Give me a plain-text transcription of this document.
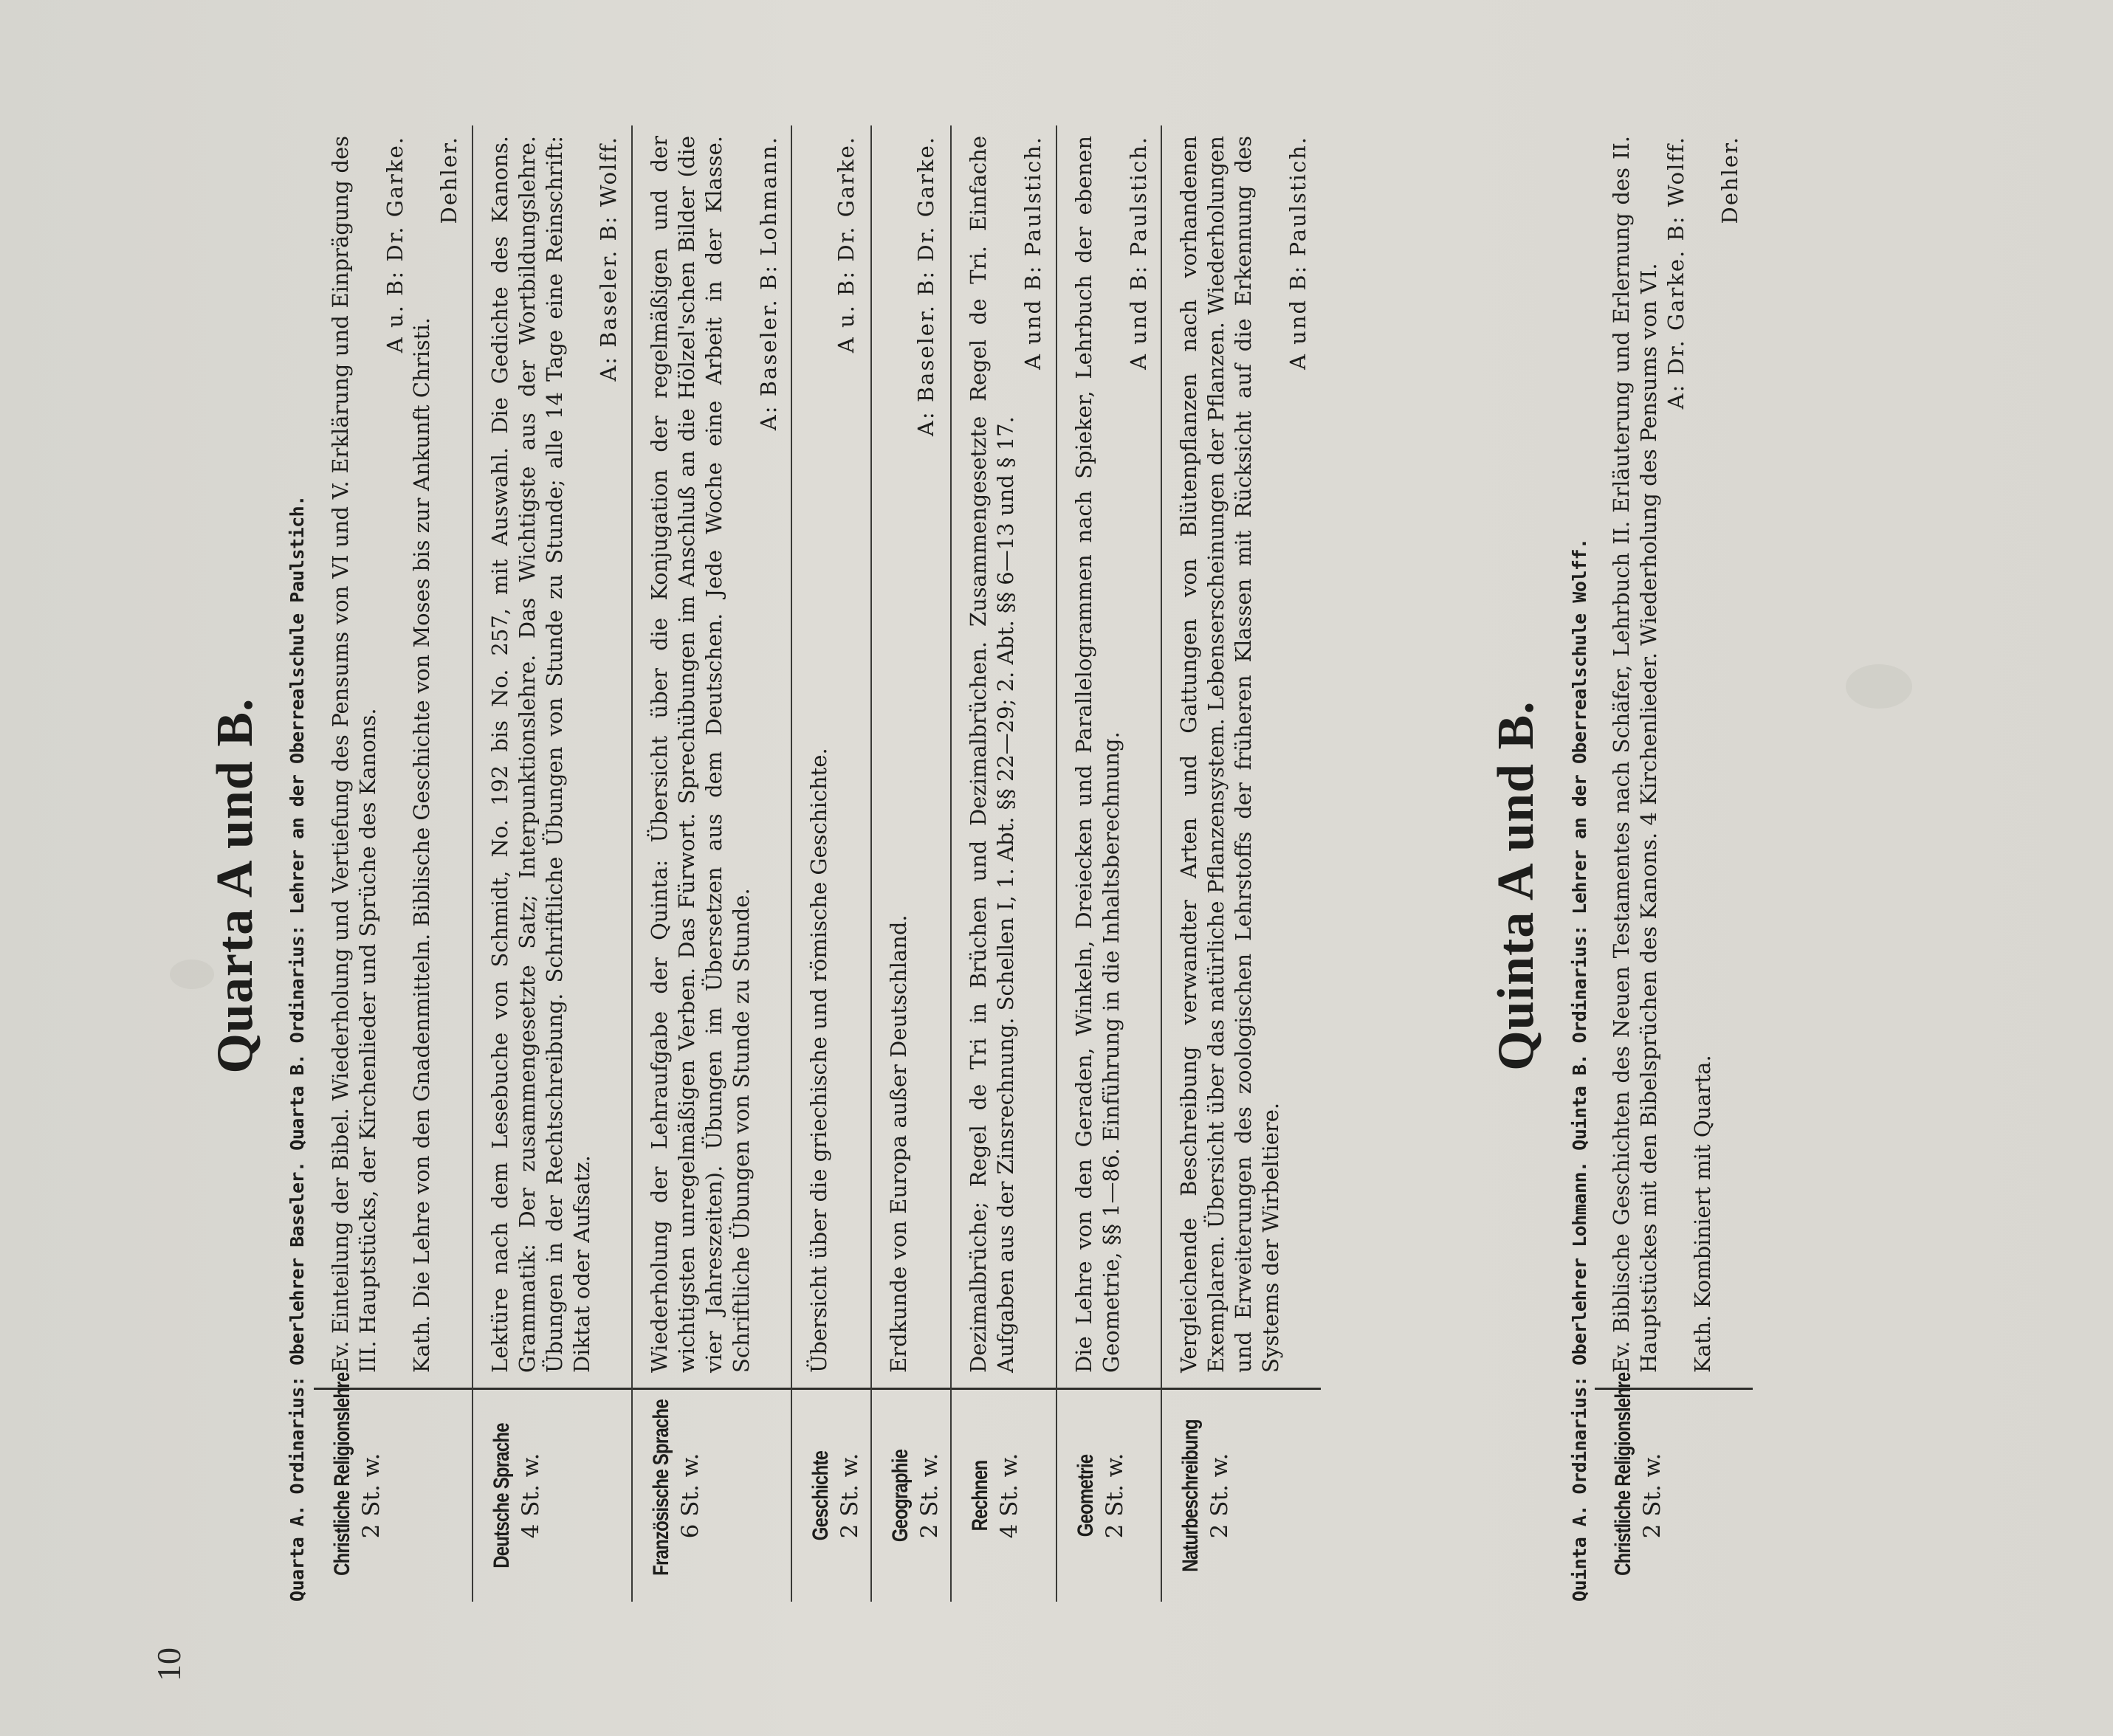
10
Quarta A und B. Quarta A. Ordinarius: Oberlehrer Baseler. Quarta B. Ordinarius: Lehrer an der Oberrealschule Paulstich. Christliche Religionslehre 2 St. w.

Ev. Einteilung der Bibel. Wiederholung und Vertiefung des Pensums von VI und V. Erklärung und Einprägung des III. Hauptstücks, der Kirchenlieder und Sprüche des Kanons.

A u. B: Dr. Garke.

Kath. Die Lehre von den Gnadenmitteln. Biblische Geschichte von Moses bis zur Ankunft Christi.

Dehler.
Deutsche Sprache 4 St. w.

Lektüre nach dem Lesebuche von Schmidt, No. 192 bis No. 257, mit Auswahl. Die Gedichte des Kanons. Grammatik: Der zusammengesetzte Satz; Interpunktionslehre. Das Wichtigste aus der Wortbildungslehre. Übungen in der Rechtschreibung. Schriftliche Übungen von Stunde zu Stunde; alle 14 Tage eine Reinschrift: Diktat oder Aufsatz.

A: Baseler. B: Wolff.
Französische Sprache 6 St. w.

Wiederholung der Lehraufgabe der Quinta: Übersicht über die Konjugation der regelmäßigen und der wichtigsten unregelmäßigen Verben. Das Fürwort. Sprechübungen im Anschluß an die Hölzel'schen Bilder (die vier Jahreszeiten). Übungen im Übersetzen aus dem Deutschen. Jede Woche eine Arbeit in der Klasse. Schriftliche Übungen von Stunde zu Stunde.

A: Baseler. B: Lohmann.
Geschichte 2 St. w.

Übersicht über die griechische und römische Geschichte.

A u. B: Dr. Garke.
Geographie 2 St. w.

Erdkunde von Europa außer Deutschland.

A: Baseler. B: Dr. Garke.
Rechnen 4 St. w.

Dezimalbrüche; Regel de Tri in Brüchen und Dezimalbrüchen. Zusammengesetzte Regel de Tri. Einfache Aufgaben aus der Zinsrechnung. Schellen I, 1. Abt. §§ 22—29; 2. Abt. §§ 6—13 und § 17.

A und B: Paulstich.
Geometrie 2 St. w.

Die Lehre von den Geraden, Winkeln, Dreiecken und Parallelogrammen nach Spieker, Lehrbuch der ebenen Geometrie, §§ 1—86. Einführung in die Inhaltsberechnung.

A und B: Paulstich.
Naturbeschreibung 2 St. w.

Vergleichende Beschreibung verwandter Arten und Gattungen von Blütenpflanzen nach vorhandenen Exemplaren. Übersicht über das natürliche Pflanzensystem. Lebenserscheinungen der Pflanzen. Wiederholungen und Erweiterungen des zoologischen Lehrstoffs der früheren Klassen mit Rücksicht auf die Erkennung des Systems der Wirbeltiere.

A und B: Paulstich.
Quinta A und B. Quinta A. Ordinarius: Oberlehrer Lohmann. Quinta B. Ordinarius: Lehrer an der Oberrealschule Wolff. Christliche Religionslehre 2 St. w.

Ev. Biblische Geschichten des Neuen Testamentes nach Schäfer, Lehrbuch II. Erläuterung und Erlernung des II. Hauptstückes mit den Bibelsprüchen des Kanons. 4 Kirchenlieder. Wiederholung des Pensums von VI. A: Dr. Garke. B: Wolff.

Kath. Kombiniert mit Quarta.

Dehler.
